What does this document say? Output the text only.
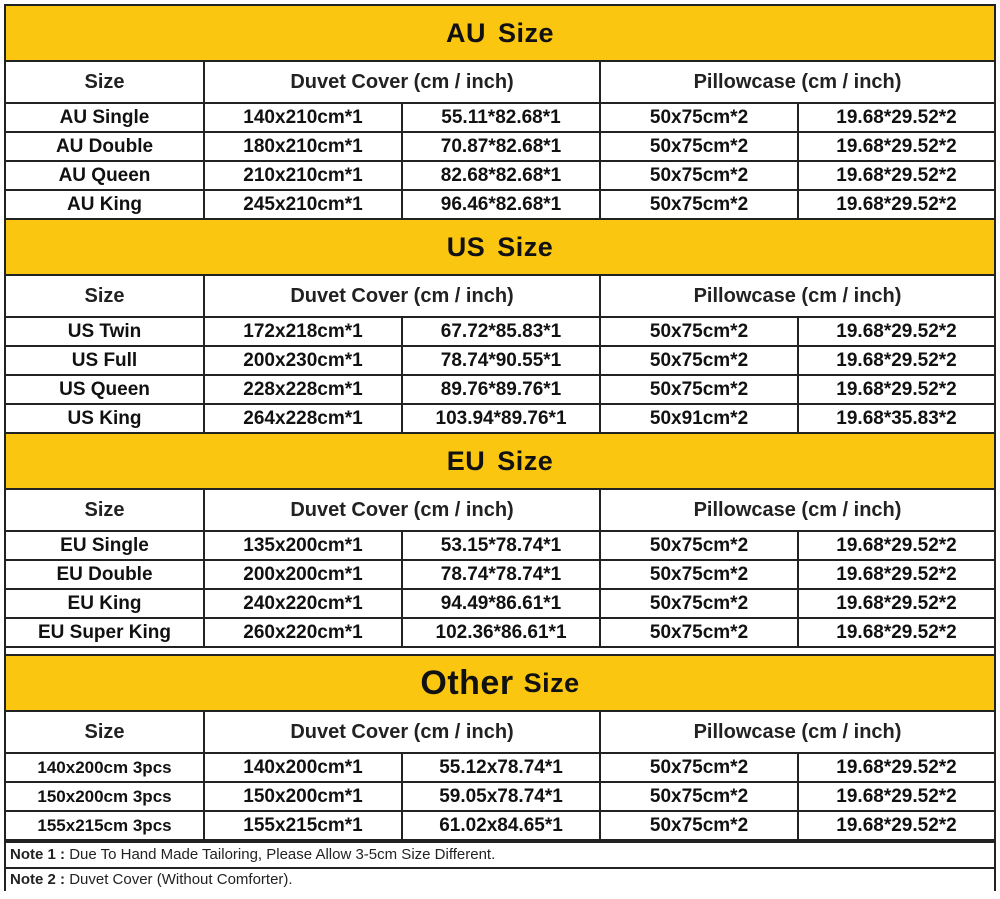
AU Size
Size	Duvet Cover (cm / inch)		Pillowcase (cm / inch)	
AU Single	140x210cm*1	55.11*82.68*1	50x75cm*2	19.68*29.52*2
AU Double	180x210cm*1	70.87*82.68*1	50x75cm*2	19.68*29.52*2
AU Queen	210x210cm*1	82.68*82.68*1	50x75cm*2	19.68*29.52*2
AU King	245x210cm*1	96.46*82.68*1	50x75cm*2	19.68*29.52*2
US Size
Size	Duvet Cover (cm / inch)		Pillowcase (cm / inch)	
US Twin	172x218cm*1	67.72*85.83*1	50x75cm*2	19.68*29.52*2
US Full	200x230cm*1	78.74*90.55*1	50x75cm*2	19.68*29.52*2
US Queen	228x228cm*1	89.76*89.76*1	50x75cm*2	19.68*29.52*2
US King	264x228cm*1	103.94*89.76*1	50x91cm*2	19.68*35.83*2
EU Size
Size	Duvet Cover (cm / inch)		Pillowcase (cm / inch)	
EU Single	135x200cm*1	53.15*78.74*1	50x75cm*2	19.68*29.52*2
EU Double	200x200cm*1	78.74*78.74*1	50x75cm*2	19.68*29.52*2
EU King	240x220cm*1	94.49*86.61*1	50x75cm*2	19.68*29.52*2
EU Super King	260x220cm*1	102.36*86.61*1	50x75cm*2	19.68*29.52*2
Other Size
Size	Duvet Cover (cm / inch)		Pillowcase (cm / inch)	
140x200cm 3pcs	140x200cm*1	55.12x78.74*1	50x75cm*2	19.68*29.52*2
150x200cm 3pcs	150x200cm*1	59.05x78.74*1	50x75cm*2	19.68*29.52*2
155x215cm 3pcs	155x215cm*1	61.02x84.65*1	50x75cm*2	19.68*29.52*2
Note 1 : Due To Hand Made Tailoring, Please Allow 3-5cm Size Different.
Note 2 : Duvet Cover (Without Comforter).
